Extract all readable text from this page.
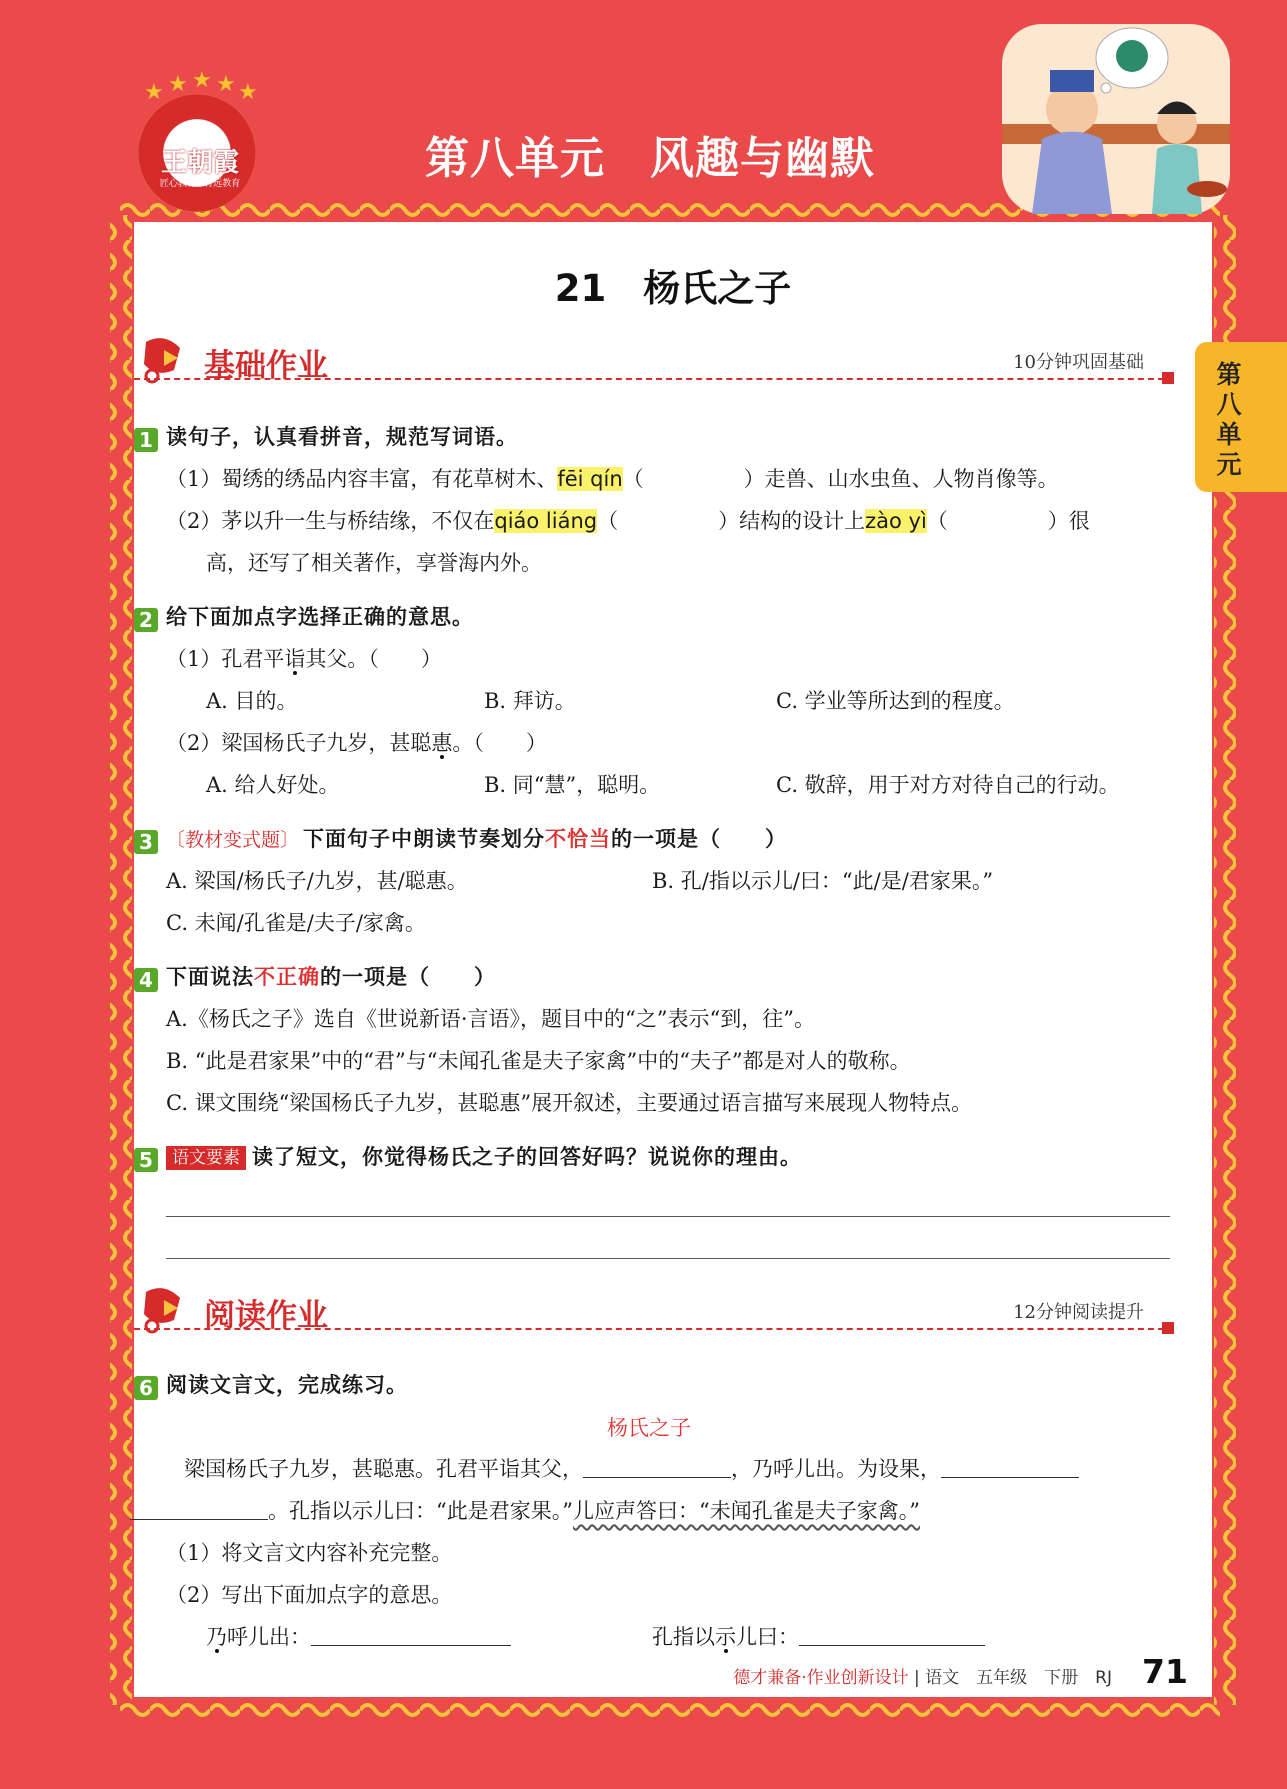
★ ★ ★ ★ ★
王朝霞
匠心教育 · 行远教育	第八单元　风趣与幽默
第八单元
21　杨氏之子
基础作业	10分钟巩固基础
1 读句子，认真看拼音，规范写词语。
（1）蜀绣的绣品内容丰富，有花草树木、fēi qín（	）走兽、山水虫鱼、人物肖像等。
（2）茅以升一生与桥结缘，不仅在qiáo liáng（	）结构的设计上zào yì（	）很
高，还写了相关著作，享誉海内外。
2 给下面加点字选择正确的意思。
（1）孔君平诣其父。（　　）
A. 目的。	B. 拜访。	C. 学业等所达到的程度。
（2）梁国杨氏子九岁，甚聪惠。（　　）
A. 给人好处。	B. 同“慧”，聪明。	C. 敬辞，用于对方对待自己的行动。
3 〔教材变式题〕 下面句子中朗读节奏划分不恰当的一项是（　　）
A. 梁国/杨氏子/九岁，甚/聪惠。	B. 孔/指以示儿/曰：“此/是/君家果。”
C. 未闻/孔雀是/夫子/家禽。
4 下面说法不正确的一项是（　　）
A.《杨氏之子》选自《世说新语·言语》，题目中的“之”表示“到，往”。
B. “此是君家果”中的“君”与“未闻孔雀是夫子家禽”中的“夫子”都是对人的敬称。
C. 课文围绕“梁国杨氏子九岁，甚聪惠”展开叙述，主要通过语言描写来展现人物特点。
5 语文要素 读了短文，你觉得杨氏之子的回答好吗？说说你的理由。
阅读作业	12分钟阅读提升
6 阅读文言文，完成练习。
杨氏之子
梁国杨氏子九岁，甚聪惠。孔君平诣其父，	，乃呼儿出。为设果，
。孔指以示儿曰：“此是君家果。”儿应声答曰：“未闻孔雀是夫子家禽。”
（1）将文言文内容补充完整。
（2）写出下面加点字的意思。
乃呼儿出：	孔指以示儿曰：
德才兼备·作业创新设计 | 语文　五年级　下册　RJ 71
